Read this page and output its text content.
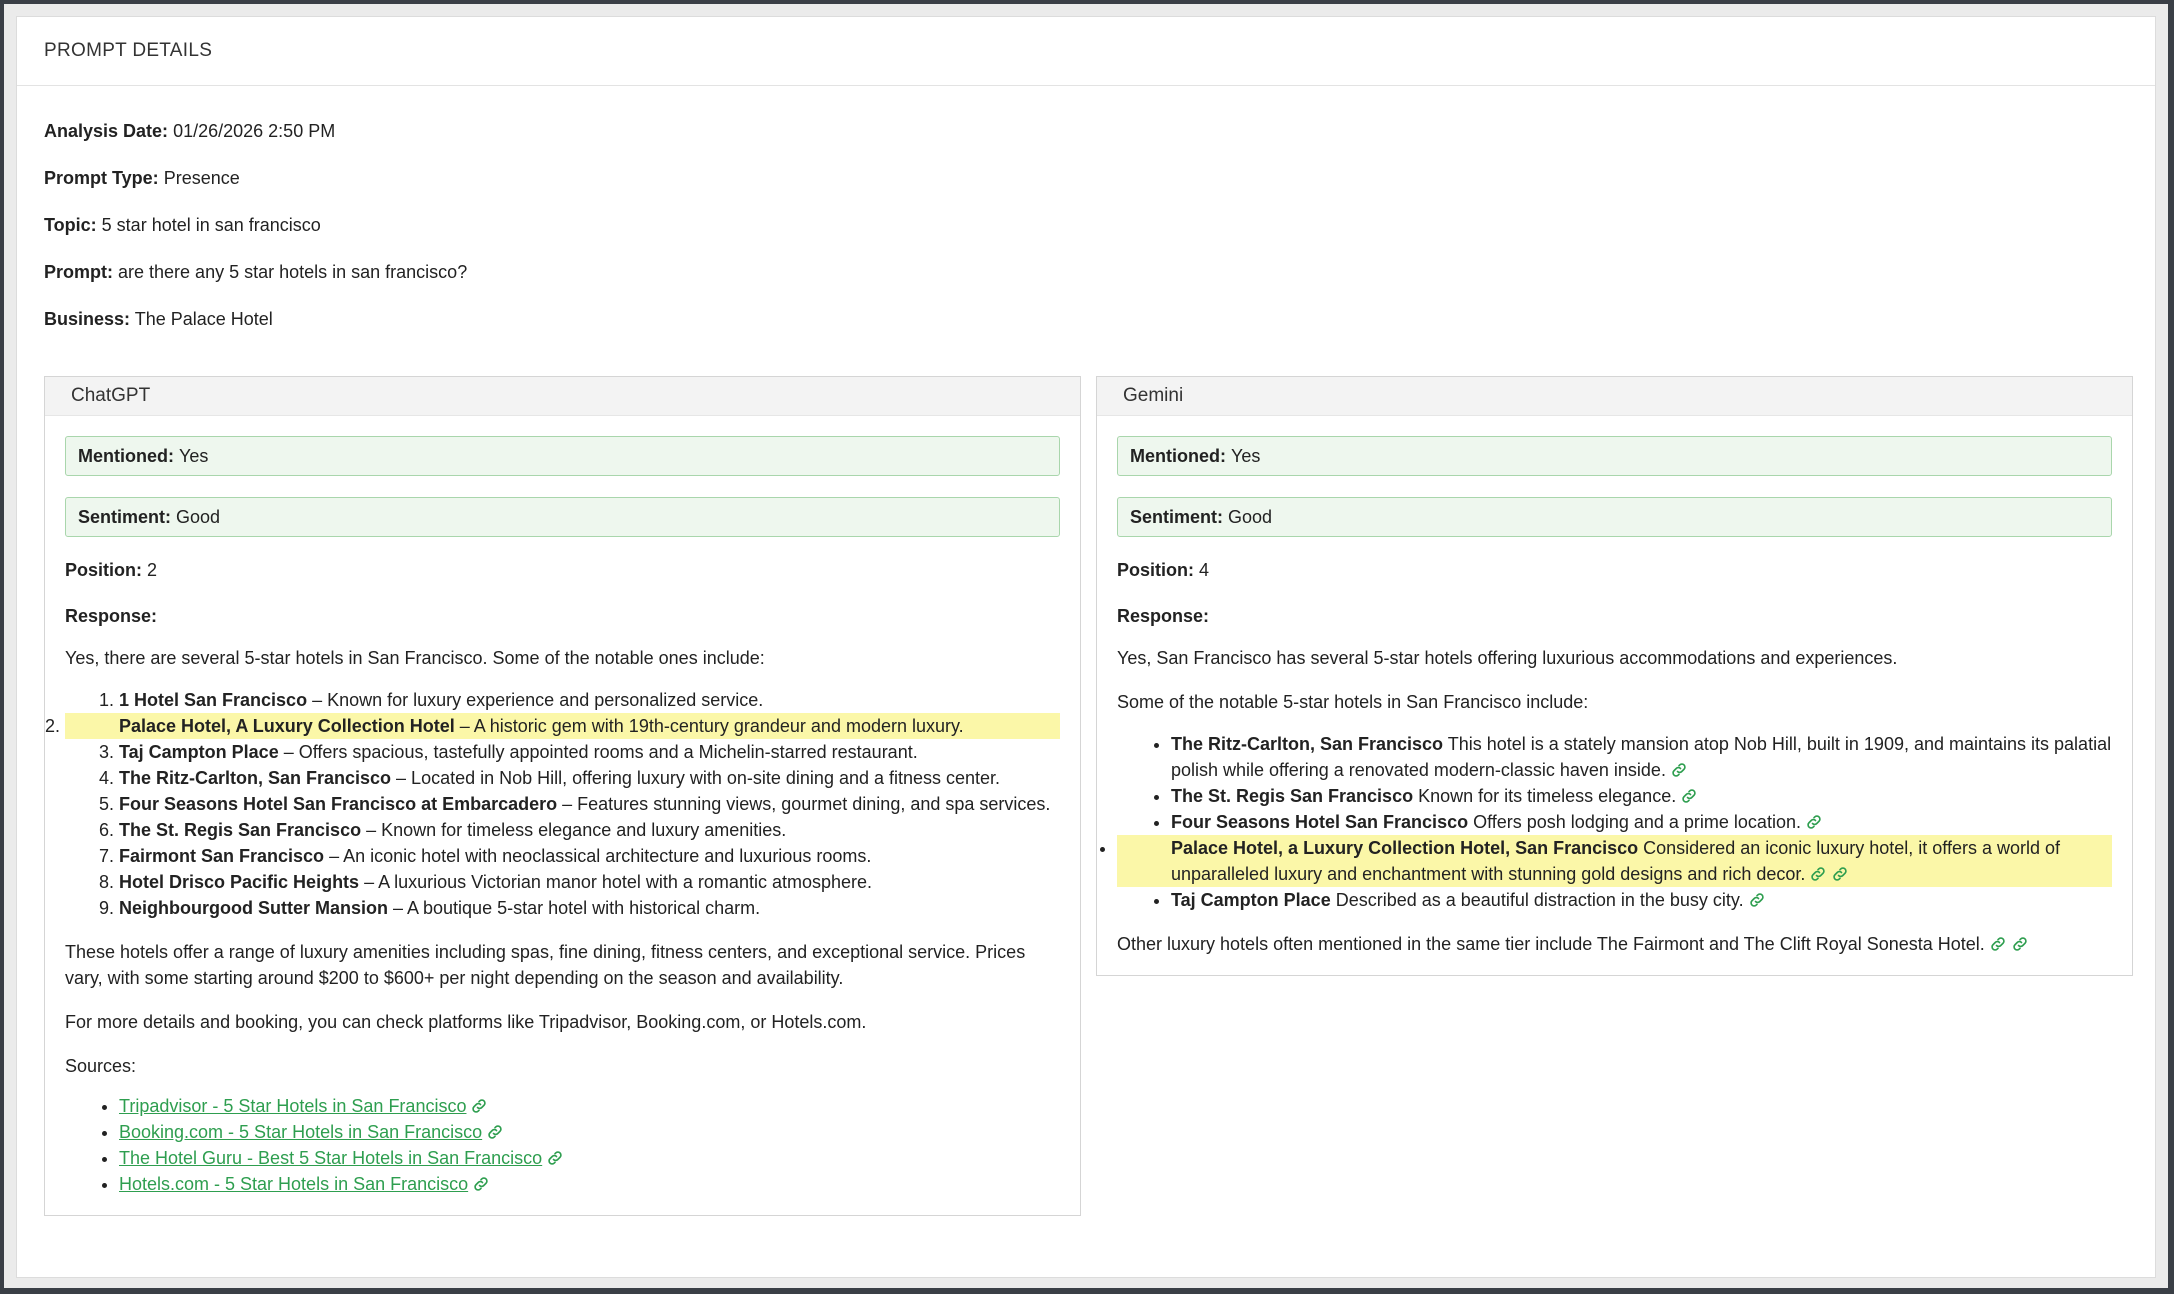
PROMPT DETAILS
Analysis Date: 01/26/2026 2:50 PM
Prompt Type: Presence
Topic: 5 star hotel in san francisco
Prompt: are there any 5 star hotels in san francisco?
Business: The Palace Hotel
ChatGPT
Mentioned:
Yes
Sentiment:
Good
Position: 2
Response:

Yes, there are several 5-star hotels in San Francisco. Some of the notable ones include:

1. 1 Hotel San Francisco – Known for luxury experience and personalized service.
2. Palace Hotel, A Luxury Collection Hotel – A historic gem with 19th-century grandeur and modern luxury.
3. Taj Campton Place – Offers spacious, tastefully appointed rooms and a Michelin-starred restaurant.
4. The Ritz-Carlton, San Francisco – Located in Nob Hill, offering luxury with on-site dining and a fitness center.
5. Four Seasons Hotel San Francisco at Embarcadero – Features stunning views, gourmet dining, and spa services.
6. The St. Regis San Francisco – Known for timeless elegance and luxury amenities.
7. Fairmont San Francisco – An iconic hotel with neoclassical architecture and luxurious rooms.
8. Hotel Drisco Pacific Heights – A luxurious Victorian manor hotel with a romantic atmosphere.
9. Neighbourgood Sutter Mansion – A boutique 5-star hotel with historical charm.

These hotels offer a range of luxury amenities including spas, fine dining, fitness centers, and exceptional service. Prices vary, with some starting around $200 to $600+ per night depending on the season and availability.

For more details and booking, you can check platforms like Tripadvisor, Booking.com, or Hotels.com.

Sources:

• Tripadvisor - 5 Star Hotels in San Francisco
• Booking.com - 5 Star Hotels in San Francisco
• The Hotel Guru - Best 5 Star Hotels in San Francisco
• Hotels.com - 5 Star Hotels in San Francisco
Gemini
Mentioned:
Yes
Sentiment:
Good
Position: 4
Response:

Yes, San Francisco has several 5-star hotels offering luxurious accommodations and experiences.

Some of the notable 5-star hotels in San Francisco include:

• The Ritz-Carlton, San Francisco This hotel is a stately mansion atop Nob Hill, built in 1909, and maintains its palatial polish while offering a renovated modern-classic haven inside.
• The St. Regis San Francisco Known for its timeless elegance.
• Four Seasons Hotel San Francisco Offers posh lodging and a prime location.
• Palace Hotel, a Luxury Collection Hotel, San Francisco Considered an iconic luxury hotel, it offers a world of unparalleled luxury and enchantment with stunning gold designs and rich decor.
• Taj Campton Place Described as a beautiful distraction in the busy city.

Other luxury hotels often mentioned in the same tier include The Fairmont and The Clift Royal Sonesta Hotel.
